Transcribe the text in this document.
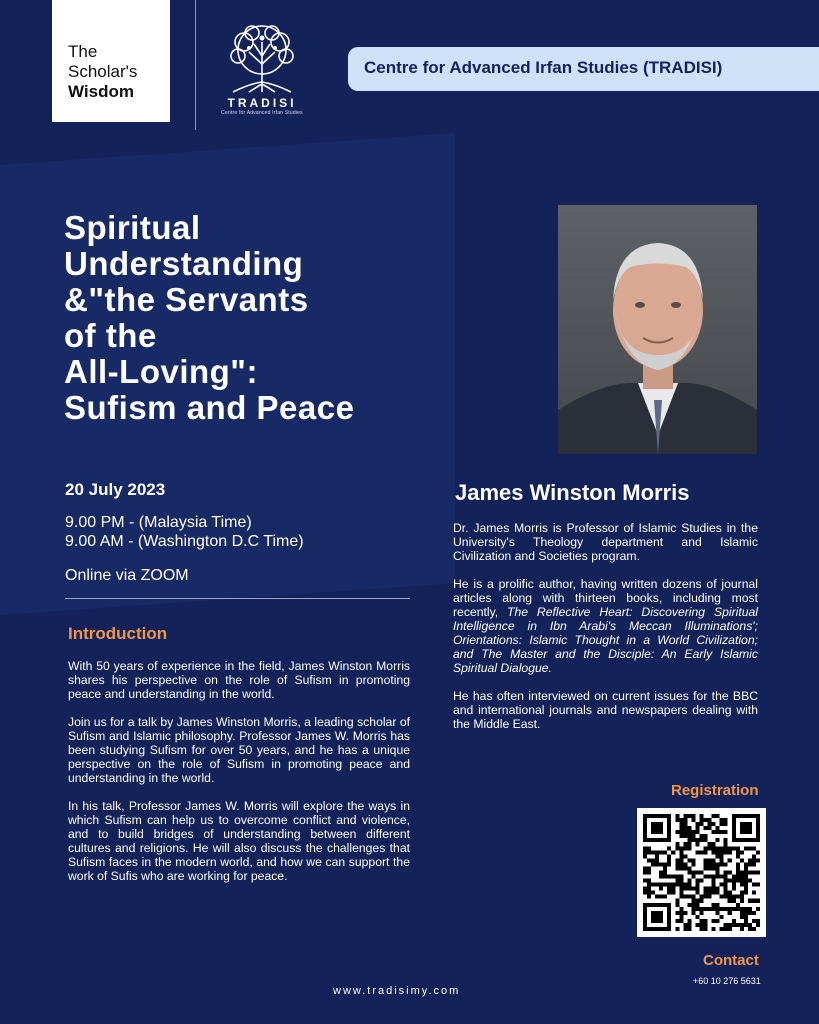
The
Scholar's
Wisdom
TRADISI
Centre for Advanced Irfan Studies
Centre for Advanced Irfan Studies (TRADISI)
Spiritual
Understanding
&"the Servants
of the
All-Loving":
Sufism and Peace
20 July 2023
9.00 PM - (Malaysia Time)
9.00 AM - (Washington D.C Time)
Online via ZOOM
Introduction

With 50 years of experience in the field, James Winston Morris shares his perspective on the role of Sufism in promoting peace and understanding in the world.

Join us for a talk by James Winston Morris, a leading scholar of Sufism and Islamic philosophy. Professor James W. Morris has been studying Sufism for over 50 years, and he has a unique perspective on the role of Sufism in promoting peace and understanding in the world.

In his talk, Professor James W. Morris will explore the ways in which Sufism can help us to overcome conflict and violence, and to build bridges of understanding between different cultures and religions. He will also discuss the challenges that Sufism faces in the modern world, and how we can support the work of Sufis who are working for peace.

James Winston Morris

Dr. James Morris is Professor of Islamic Studies in the University's Theology department and Islamic Civilization and Societies program.

He is a prolific author, having written dozens of journal articles along with thirteen books, including most recently, The Reflective Heart: Discovering Spiritual Intelligence in Ibn Arabi's Meccan Illuminations'; Orientations: Islamic Thought in a World Civilization; and The Master and the Disciple: An Early Islamic Spiritual Dialogue.

He has often interviewed on current issues for the BBC and international journals and newspapers dealing with the Middle East.

Registration
Contact
+60 10 276 5631
www.tradisimy.com
